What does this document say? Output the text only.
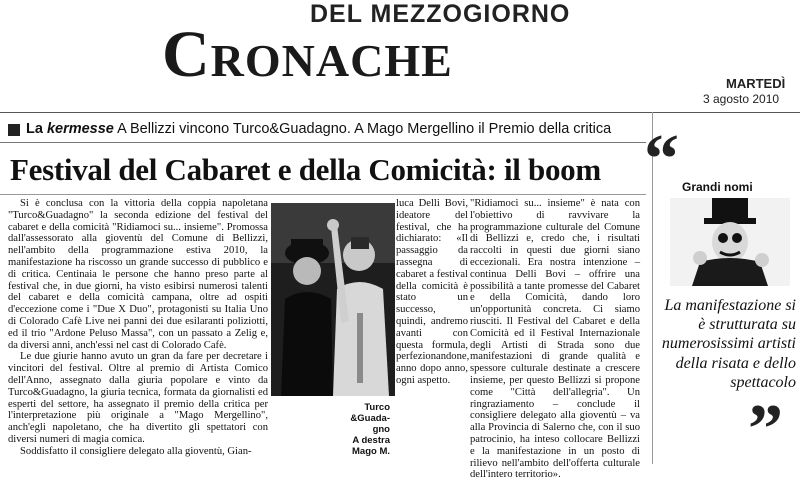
DEL MEZZOGIORNO
Cronache	MARTEDÌ
3 agosto 2010
La kermesse A Bellizzi vincono Turco&Guadagno. A Mago Mergellino il Premio della critica
Festival del Cabaret e della Comicità: il boom

Si è conclusa con la vittoria della coppia napoletana "Turco&Guadagno" la seconda edizione del festival del cabaret e della comicità "Ridiamoci su... insieme". Promossa dall'assessorato alla gioventù del Comune di Bellizzi, nell'ambito della programmazione estiva 2010, la manifestazione ha riscosso un grande successo di pubblico e di critica. Centinaia le persone che hanno preso parte al festival che, in due giorni, ha visto esibirsi numerosi talenti del cabaret e della comicità campana, oltre ad ospiti d'eccezione come i "Due X Duo", protagonisti su Italia Uno di Colorado Cafè Live nei panni dei due esilaranti poliziotti, ed il trio "Ardone Peluso Massa", con un passato a Zelig e, da diversi anni, anch'essi nel cast di Colorado Cafè.

Le due giurie hanno avuto un gran da fare per decretare i vincitori del festival. Oltre al premio di Artista Comico dell'Anno, assegnato dalla giuria popolare e vinto da Turco&Guadagno, la giuria tecnica, formata da giornalisti ed esperti del settore, ha assegnato il premio della critica per l'interpretazione più originale a "Mago Mergellino", anch'egli napoletano, che ha divertito gli spettatori con diversi numeri di magia comica.

Soddisfatto il consigliere delegato alla gioventù, Gian-

Turco
&Guada-
gno
A destra
Mago M.

luca Delli Bovi, ideatore del festival, che ha dichiarato: «Il passaggio da rassegna di cabaret a festival della comicità è stato un successo, quindi, andremo avanti con questa formula, perfezionandone, anno dopo anno, ogni aspetto.

"Ridiamoci su... insieme" è nata con l'obiettivo di ravvivare la programmazione culturale del Comune di Bellizzi e, credo che, i risultati raccolti in questi due giorni siano eccezionali. Era nostra intenzione – continua Delli Bovi – offrire una possibilità a tante promesse del Cabaret e della Comicità, dando loro un'opportunità concreta. Ci siamo riusciti. Il Festival del Cabaret e della Comicità ed il Festival Internazionale degli Artisti di Strada sono due manifestazioni di grande qualità e spessore culturale destinate a crescere insieme, per questo Bellizzi si propone come "Città dell'allegria". Un ringraziamento – conclude il consigliere delegato alla gioventù – va alla Provincia di Salerno che, con il suo patrocinio, ha inteso collocare Bellizzi e la manifestazione in un posto di rilievo nell'ambito dell'offerta culturale dell'intero territorio».

“ Grandi nomi
La manifestazione si è strutturata su numerosissimi artisti della risata e dello spettacolo
”
